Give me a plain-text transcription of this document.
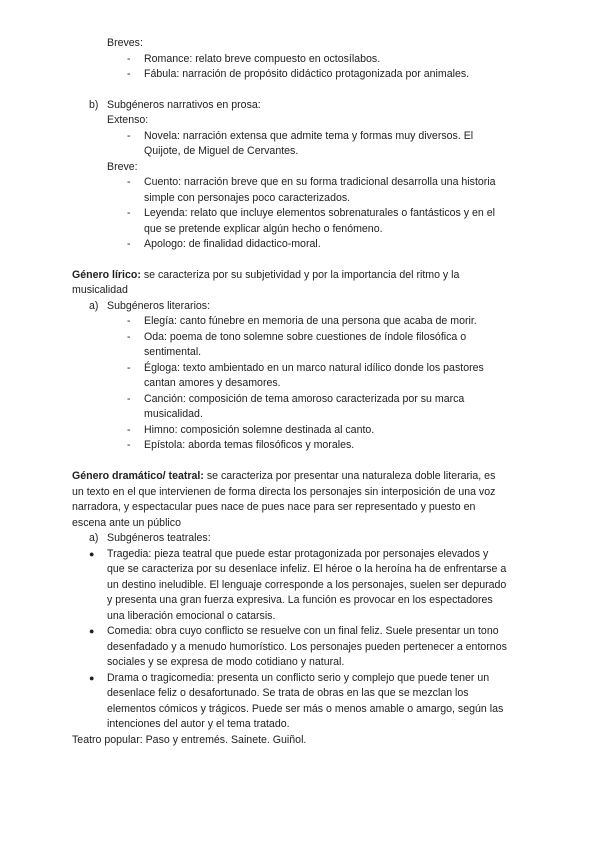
Breves:
- Romance: relato breve compuesto en octosílabos.
- Fábula: narración de propósito didáctico protagonizada por animales.
b) Subgéneros narrativos en prosa:
Extenso:
- Novela: narración extensa que admite tema y formas muy diversos. El
Quijote, de Miguel de Cervantes.
Breve:
- Cuento: narración breve que en su forma tradicional desarrolla una historia
simple con personajes poco caracterizados.
- Leyenda: relato que incluye elementos sobrenaturales o fantásticos y en el
que se pretende explicar algún hecho o fenómeno.
- Apologo: de finalidad didactico-moral.
Género lírico: se caracteriza por su subjetividad y por la importancia del ritmo y la
musicalidad
a) Subgéneros literarios:
- Elegía: canto fúnebre en memoria de una persona que acaba de morir.
- Oda: poema de tono solemne sobre cuestiones de índole filosófica o
sentimental.
- Égloga: texto ambientado en un marco natural idílico donde los pastores
cantan amores y desamores.
- Canción: composición de tema amoroso caracterizada por su marca
musicalidad.
- Himno: composición solemne destinada al canto.
- Epístola: aborda temas filosóficos y morales.
Género dramático/ teatral: se caracteriza por presentar una naturaleza doble literaria, es
un texto en el que intervienen de forma directa los personajes sin interposición de una voz
narradora, y espectacular pues nace de pues nace para ser representado y puesto en
escena ante un público
a) Subgéneros teatrales:
● Tragedia: pieza teatral que puede estar protagonizada por personajes elevados y
que se caracteriza por su desenlace infeliz. El héroe o la heroína ha de enfrentarse a
un destino ineludible. El lenguaje corresponde a los personajes, suelen ser depurado
y presenta una gran fuerza expresiva. La función es provocar en los espectadores
una liberación emocional o catarsis.
● Comedia: obra cuyo conflicto se resuelve con un final feliz. Suele presentar un tono
desenfadado y a menudo humorístico. Los personajes pueden pertenecer a entornos
sociales y se expresa de modo cotidiano y natural.
● Drama o tragicomedia: presenta un conflicto serio y complejo que puede tener un
desenlace feliz o desafortunado. Se trata de obras en las que se mezclan los
elementos cómicos y trágicos. Puede ser más o menos amable o amargo, según las
intenciones del autor y el tema tratado.
Teatro popular: Paso y entremés. Sainete. Guiñol.
